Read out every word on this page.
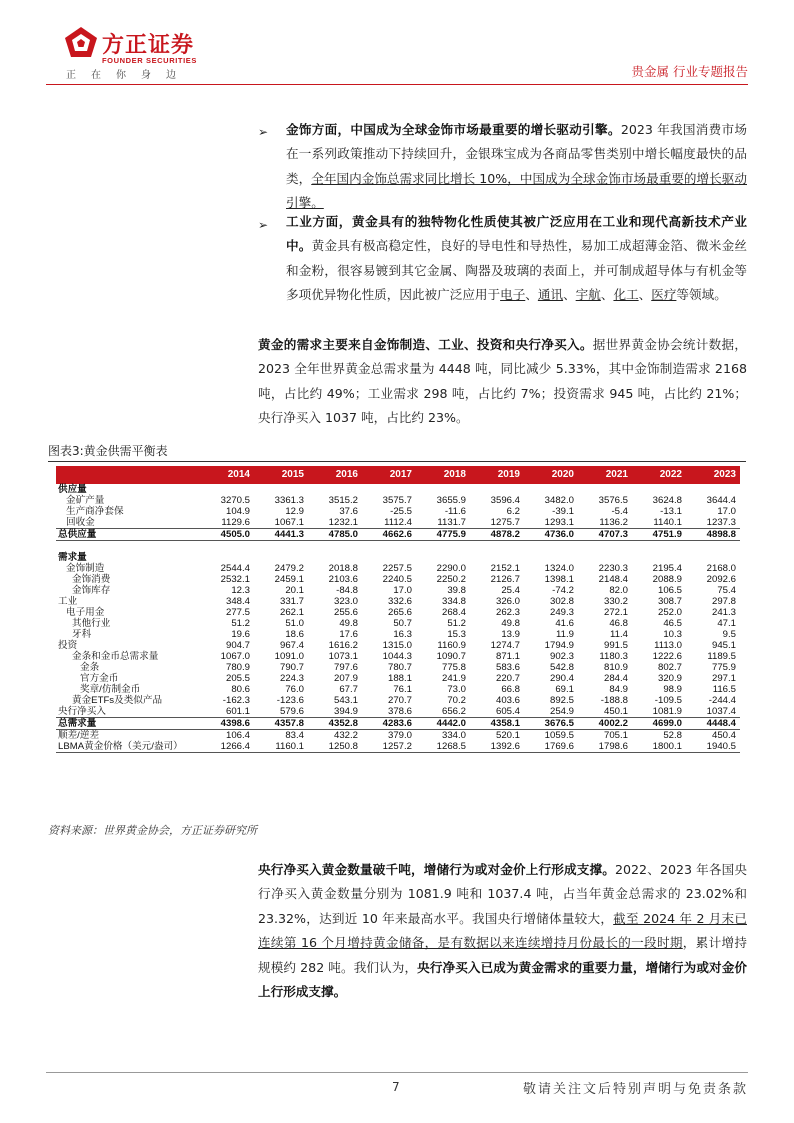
方正证券
FOUNDER SECURITIES
正在你身边	贵金属 行业专题报告
➢ 金饰方面，中国成为全球金饰市场最重要的增长驱动引擎。2023 年我国消费市场在一系列政策推动下持续回升，金银珠宝成为各商品零售类别中增长幅度最快的品类，全年国内金饰总需求同比增长 10%，中国成为全球金饰市场最重要的增长驱动引擎。
➢ 工业方面，黄金具有的独特物化性质使其被广泛应用在工业和现代高新技术产业中。黄金具有极高稳定性，良好的导电性和导热性，易加工成超薄金箔、微米金丝和金粉，很容易镀到其它金属、陶器及玻璃的表面上，并可制成超导体与有机金等多项优异物化性质，因此被广泛应用于电子、通讯、宇航、化工、医疗等领域。
黄金的需求主要来自金饰制造、工业、投资和央行净买入。据世界黄金协会统计数据，2023 全年世界黄金总需求量为 4448 吨，同比减少 5.33%，其中金饰制造需求 2168 吨，占比约 49%；工业需求 298 吨，占比约 7%；投资需求 945 吨，占比约 21%；央行净买入 1037 吨，占比约 23%。
图表3:黄金供需平衡表
	2014	2015	2016	2017	2018	2019	2020	2021	2022	2023
供应量										
金矿产量	3270.5	3361.3	3515.2	3575.7	3655.9	3596.4	3482.0	3576.5	3624.8	3644.4
生产商净套保	104.9	12.9	37.6	-25.5	-11.6	6.2	-39.1	-5.4	-13.1	17.0
回收金	1129.6	1067.1	1232.1	1112.4	1131.7	1275.7	1293.1	1136.2	1140.1	1237.3
总供应量	4505.0	4441.3	4785.0	4662.6	4775.9	4878.2	4736.0	4707.3	4751.9	4898.8

需求量										
金饰制造	2544.4	2479.2	2018.8	2257.5	2290.0	2152.1	1324.0	2230.3	2195.4	2168.0
金饰消费	2532.1	2459.1	2103.6	2240.5	2250.2	2126.7	1398.1	2148.4	2088.9	2092.6
金饰库存	12.3	20.1	-84.8	17.0	39.8	25.4	-74.2	82.0	106.5	75.4
工业	348.4	331.7	323.0	332.6	334.8	326.0	302.8	330.2	308.7	297.8
电子用金	277.5	262.1	255.6	265.6	268.4	262.3	249.3	272.1	252.0	241.3
其他行业	51.2	51.0	49.8	50.7	51.2	49.8	41.6	46.8	46.5	47.1
牙科	19.6	18.6	17.6	16.3	15.3	13.9	11.9	11.4	10.3	9.5
投资	904.7	967.4	1616.2	1315.0	1160.9	1274.7	1794.9	991.5	1113.0	945.1
金条和金币总需求量	1067.0	1091.0	1073.1	1044.3	1090.7	871.1	902.3	1180.3	1222.6	1189.5
金条	780.9	790.7	797.6	780.7	775.8	583.6	542.8	810.9	802.7	775.9
官方金币	205.5	224.3	207.9	188.1	241.9	220.7	290.4	284.4	320.9	297.1
奖章/仿制金币	80.6	76.0	67.7	76.1	73.0	66.8	69.1	84.9	98.9	116.5
黄金ETFs及类似产品	-162.3	-123.6	543.1	270.7	70.2	403.6	892.5	-188.8	-109.5	-244.4
央行净买入	601.1	579.6	394.9	378.6	656.2	605.4	254.9	450.1	1081.9	1037.4
总需求量	4398.6	4357.8	4352.8	4283.6	4442.0	4358.1	3676.5	4002.2	4699.0	4448.4
顺差/逆差	106.4	83.4	432.2	379.0	334.0	520.1	1059.5	705.1	52.8	450.4
LBMA黄金价格（美元/盎司）	1266.4	1160.1	1250.8	1257.2	1268.5	1392.6	1769.6	1798.6	1800.1	1940.5
资料来源：世界黄金协会，方正证券研究所
央行净买入黄金数量破千吨，增储行为或对金价上行形成支撑。2022、2023 年各国央行净买入黄金数量分别为 1081.9 吨和 1037.4 吨，占当年黄金总需求的 23.02%和 23.32%，达到近 10 年来最高水平。我国央行增储体量较大，截至 2024 年 2 月末已连续第 16 个月增持黄金储备，是有数据以来连续增持月份最长的一段时期，累计增持规模约 282 吨。我们认为，央行净买入已成为黄金需求的重要力量，增储行为或对金价上行形成支撑。
7	敬请关注文后特别声明与免责条款
